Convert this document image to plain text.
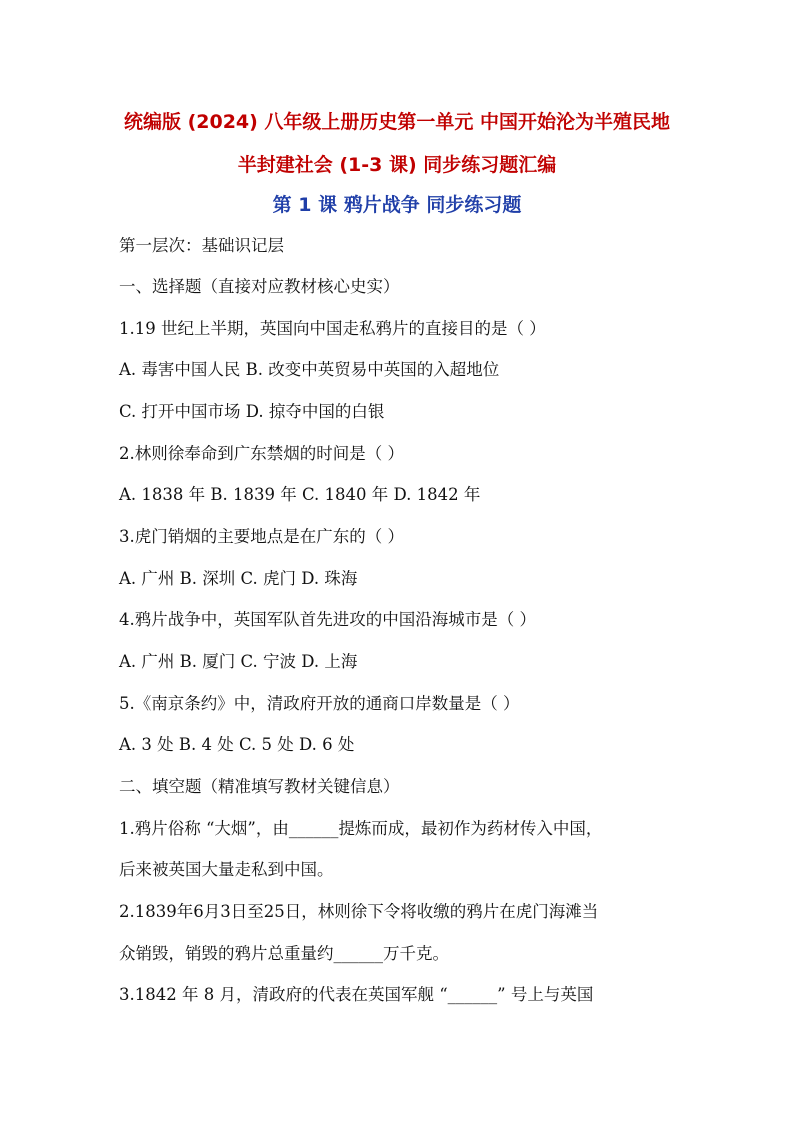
统编版 (2024) 八年级上册历史第一单元 中国开始沦为半殖民地
半封建社会 (1-3 课) 同步练习题汇编
第 1 课 鸦片战争 同步练习题
第一层次：基础识记层
一、选择题（直接对应教材核心史实）
1.19 世纪上半期，英国向中国走私鸦片的直接目的是（ ）
A. 毒害中国人民 B. 改变中英贸易中英国的入超地位
C. 打开中国市场 D. 掠夺中国的白银
2.林则徐奉命到广东禁烟的时间是（ ）
A. 1838 年 B. 1839 年 C. 1840 年 D. 1842 年
3.虎门销烟的主要地点是在广东的（ ）
A. 广州 B. 深圳 C. 虎门 D. 珠海
4.鸦片战争中，英国军队首先进攻的中国沿海城市是（ ）
A. 广州 B. 厦门 C. 宁波 D. 上海
5.《南京条约》中，清政府开放的通商口岸数量是（ ）
A. 3 处 B. 4 处 C. 5 处 D. 6 处
二、填空题（精准填写教材关键信息）
1.鸦片俗称 “大烟”，由______提炼而成，最初作为药材传入中国，
后来被英国大量走私到中国。
2.1839年6月3日至25日，林则徐下令将收缴的鸦片在虎门海滩当
众销毁，销毁的鸦片总重量约______万千克。
3.1842 年 8 月，清政府的代表在英国军舰 “______” 号上与英国
